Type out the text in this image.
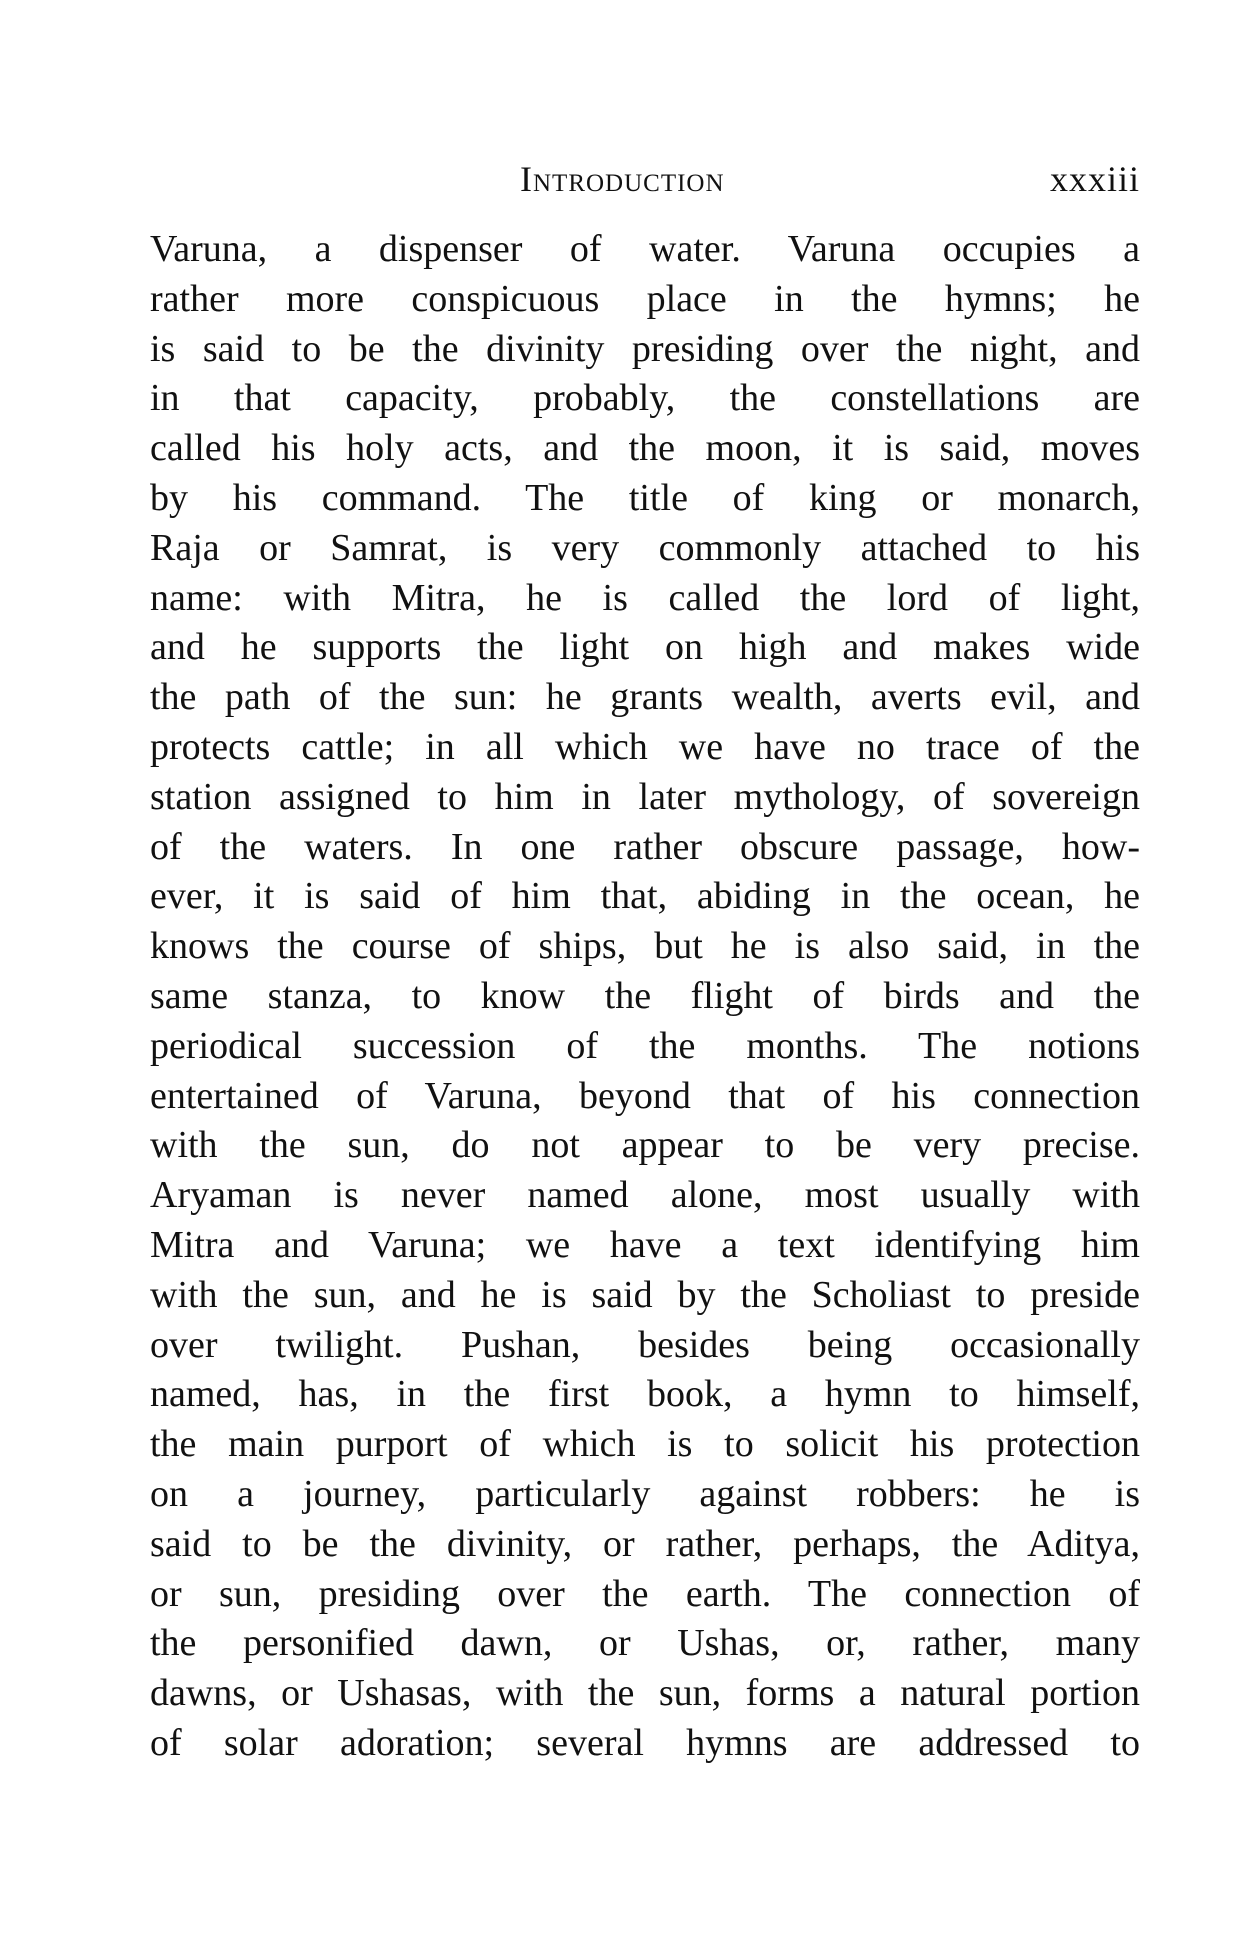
Introduction	xxxiii
Varuna, a dispenser of water. Varuna occupies a
rather more conspicuous place in the hymns; he
is said to be the divinity presiding over the night, and
in that capacity, probably, the constellations are
called his holy acts, and the moon, it is said, moves
by his command. The title of king or monarch,
Raja or Samrat, is very commonly attached to his
name: with Mitra, he is called the lord of light,
and he supports the light on high and makes wide
the path of the sun: he grants wealth, averts evil, and
protects cattle; in all which we have no trace of the
station assigned to him in later mythology, of sovereign
of the waters. In one rather obscure passage, how-
ever, it is said of him that, abiding in the ocean, he
knows the course of ships, but he is also said, in the
same stanza, to know the flight of birds and the
periodical succession of the months. The notions
entertained of Varuna, beyond that of his connection
with the sun, do not appear to be very precise.
Aryaman is never named alone, most usually with
Mitra and Varuna; we have a text identifying him
with the sun, and he is said by the Scholiast to preside
over twilight. Pushan, besides being occasionally
named, has, in the first book, a hymn to himself,
the main purport of which is to solicit his protection
on a journey, particularly against robbers: he is
said to be the divinity, or rather, perhaps, the Aditya,
or sun, presiding over the earth. The connection of
the personified dawn, or Ushas, or, rather, many
dawns, or Ushasas, with the sun, forms a natural portion
of solar adoration; several hymns are addressed to
